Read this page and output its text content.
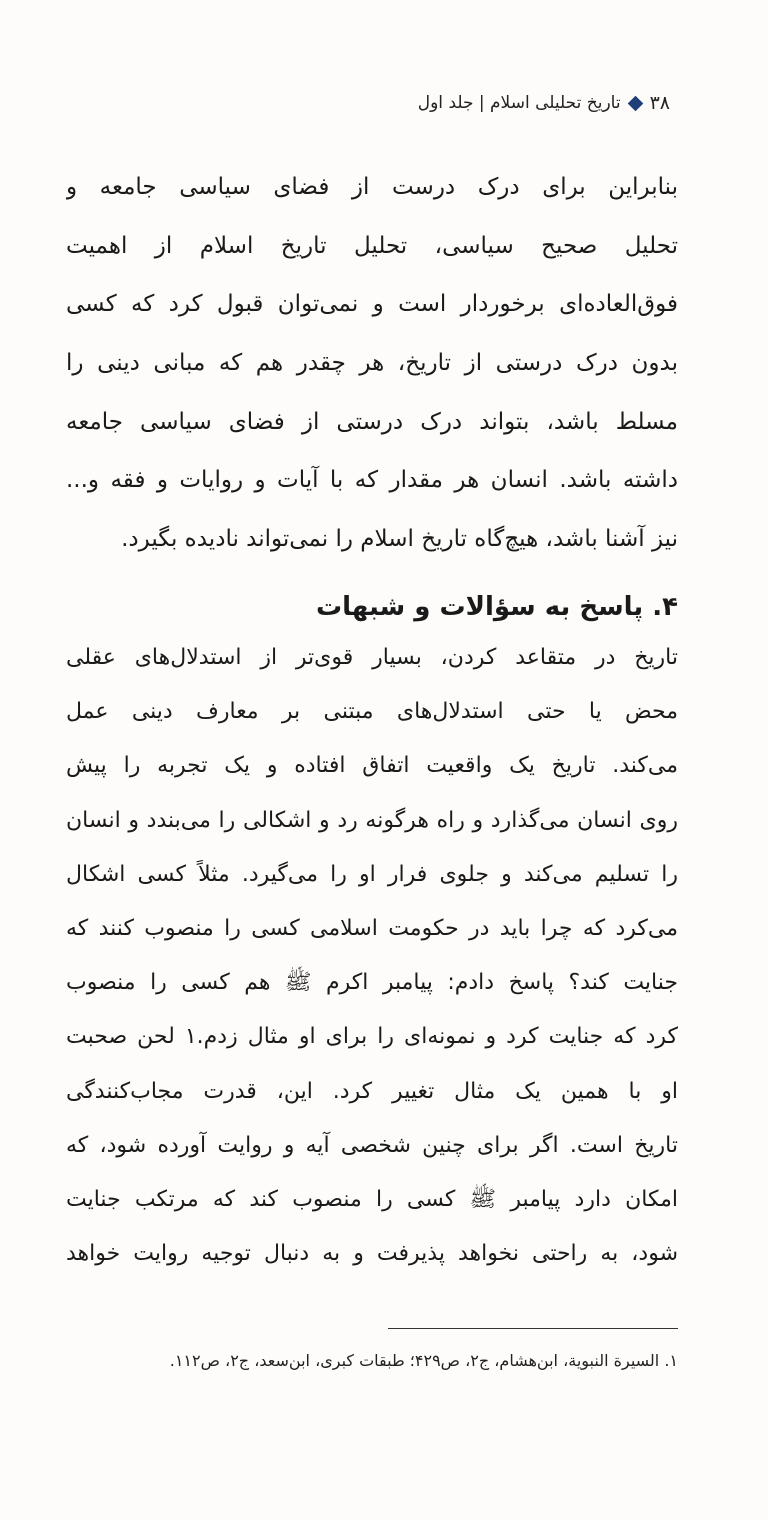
۳۸
تاریخ تحلیلی اسلام | جلد اول
بنابراین برای درک درست از فضای سیاسی جامعه و
تحلیل صحیح سیاسی، تحلیل تاریخ اسلام از اهمیت
فوق‌العاده‌ای برخوردار است و نمی‌توان قبول کرد که کسی
بدون درک درستی از تاریخ، هر چقدر هم که مبانی دینی را
مسلط باشد، بتواند درک درستی از فضای سیاسی جامعه
داشته باشد. انسان هر مقدار که با آیات و روایات و فقه و...
نیز آشنا باشد، هیچ‌گاه تاریخ اسلام را نمی‌تواند نادیده بگیرد.
۴. پاسخ به سؤالات و شبهات
تاریخ در متقاعد کردن، بسیار قوی‌تر از استدلال‌های عقلی
محض یا حتی استدلال‌های مبتنی بر معارف دینی عمل
می‌کند. تاریخ یک واقعیت اتفاق افتاده و یک تجربه را پیش
روی انسان می‌گذارد و راه هرگونه رد و اشکالی را می‌بندد و انسان
را تسلیم می‌کند و جلوی فرار او را می‌گیرد. مثلاً کسی اشکال
می‌کرد که چرا باید در حکومت اسلامی کسی را منصوب کنند که
جنایت کند؟ پاسخ دادم: پیامبر اکرم ﷺ هم کسی را منصوب
کرد که جنایت کرد و نمونه‌ای را برای او مثال زدم.۱ لحن صحبت
او با همین یک مثال تغییر کرد. این، قدرت مجاب‌کنندگی
تاریخ است. اگر برای چنین شخصی آیه و روایت آورده شود، که
امکان دارد پیامبر ﷺ کسی را منصوب کند که مرتکب جنایت
شود، به راحتی نخواهد پذیرفت و به دنبال توجیه روایت خواهد
۱. السیرة النبویة، ابن‌هشام، ج۲، ص۴۲۹؛ طبقات کبری، ابن‌سعد، ج۲، ص۱۱۲.
